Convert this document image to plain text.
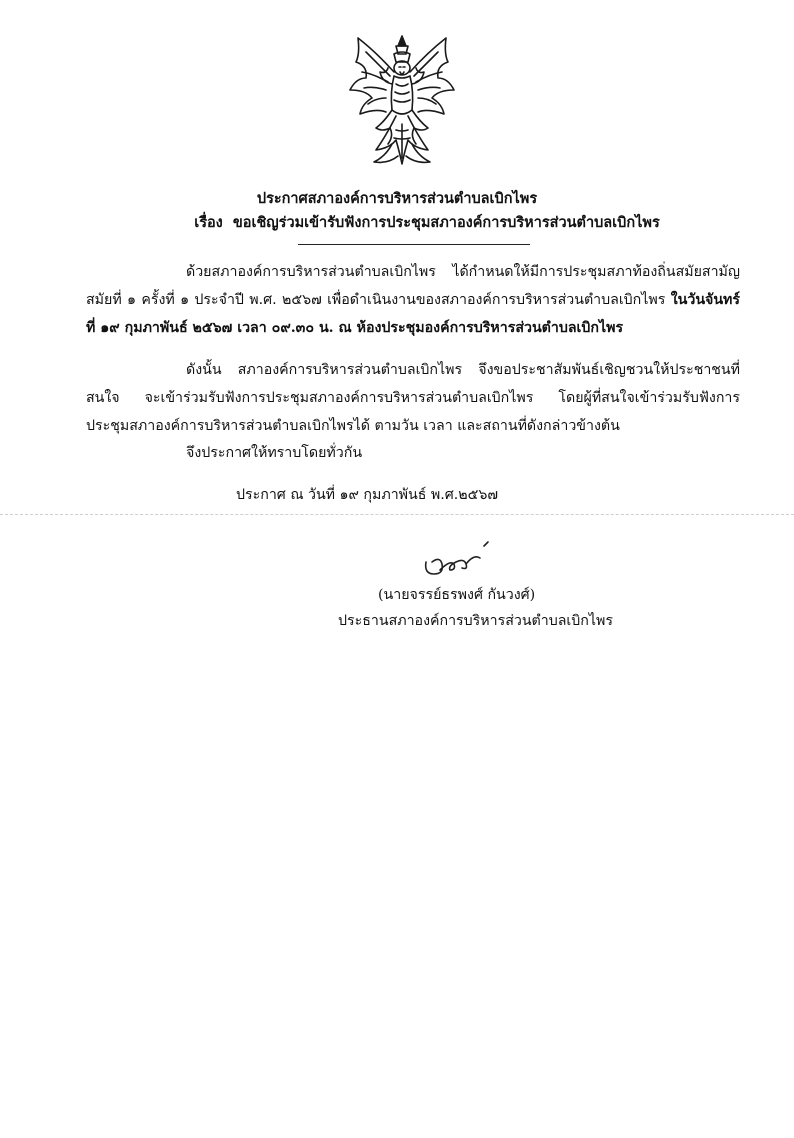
ประกาศสภาองค์การบริหารส่วนตำบลเบิกไพร
เรื่อง ขอเชิญร่วมเข้ารับฟังการประชุมสภาองค์การบริหารส่วนตำบลเบิกไพร
ด้วยสภาองค์การบริหารส่วนตำบลเบิกไพร ได้กำหนดให้มีการประชุมสภาท้องถิ่นสมัยสามัญ สมัยที่ ๑ ครั้งที่ ๑ ประจำปี พ.ศ. ๒๕๖๗ เพื่อดำเนินงานของสภาองค์การบริหารส่วนตำบลเบิกไพร ในวันจันทร์ ที่ ๑๙ กุมภาพันธ์ ๒๕๖๗ เวลา ๐๙.๓๐ น. ณ ห้องประชุมองค์การบริหารส่วนตำบลเบิกไพร
ดังนั้น สภาองค์การบริหารส่วนตำบลเบิกไพร จึงขอประชาสัมพันธ์เชิญชวนให้ประชาชนที่สนใจ จะเข้าร่วมรับฟังการประชุมสภาองค์การบริหารส่วนตำบลเบิกไพร โดยผู้ที่สนใจเข้าร่วมรับฟังการประชุมสภาองค์การบริหารส่วนตำบลเบิกไพรได้ ตามวัน เวลา และสถานที่ดังกล่าวข้างต้น
จึงประกาศให้ทราบโดยทั่วกัน
ประกาศ ณ วันที่ ๑๙ กุมภาพันธ์ พ.ศ.๒๕๖๗
(นายจรรย์ธรพงศ์ กันวงศ์)
ประธานสภาองค์การบริหารส่วนตำบลเบิกไพร
